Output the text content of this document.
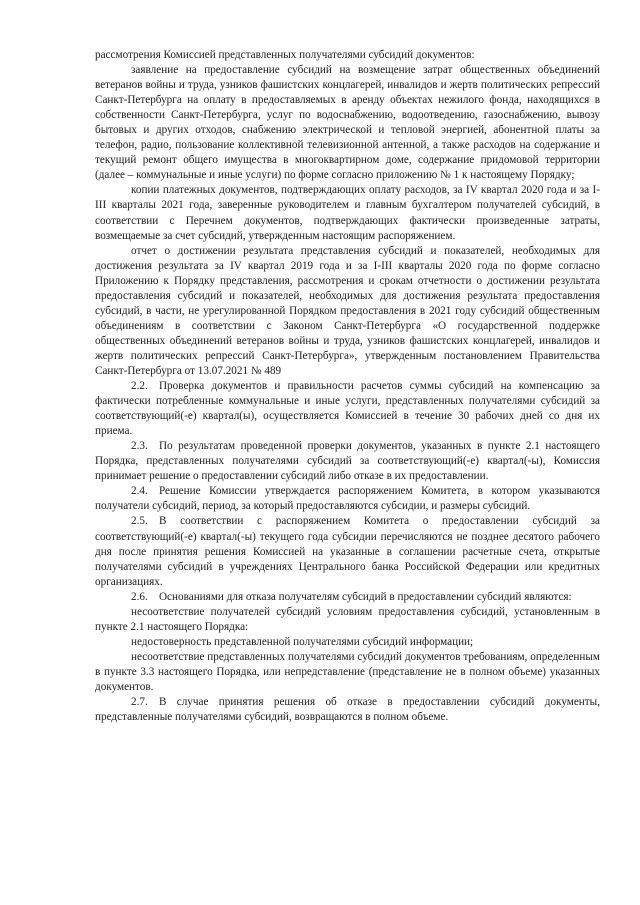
рассмотрения Комиссией представленных получателями субсидий документов:

заявление на предоставление субсидий на возмещение затрат общественных объединений ветеранов войны и труда, узников фашистских концлагерей, инвалидов и жертв политических репрессий Санкт-Петербурга на оплату в предоставляемых в аренду объектах нежилого фонда, находящихся в собственности Санкт-Петербурга, услуг по водоснабжению, водоотведению, газоснабжению, вывозу бытовых и других отходов, снабжению электрической и тепловой энергией, абонентной платы за телефон, радио, пользование коллективной телевизионной антенной, а также расходов на содержание и текущий ремонт общего имущества в многоквартирном доме, содержание придомовой территории (далее – коммунальные и иные услуги) по форме согласно приложению № 1 к настоящему Порядку;

копии платежных документов, подтверждающих оплату расходов, за IV квартал 2020 года и за I-III кварталы 2021 года, заверенные руководителем и главным бухгалтером получателей субсидий, в соответствии с Перечнем документов, подтверждающих фактически произведенные затраты, возмещаемые за счет субсидий, утвержденным настоящим распоряжением.

отчет о достижении результата представления субсидий и показателей, необходимых для достижения результата за IV квартал 2019 года и за I-III кварталы 2020 года по форме согласно Приложению к Порядку представления, рассмотрения и срокам отчетности о достижении результата предоставления субсидий и показателей, необходимых для достижения результата предоставления субсидий, в части, не урегулированной Порядком предоставления в 2021 году субсидий общественным объединениям в соответствии с Законом Санкт-Петербурга «О государственной поддержке общественных объединений ветеранов войны и труда, узников фашистских концлагерей, инвалидов и жертв политических репрессий Санкт-Петербурга», утвержденным постановлением Правительства Санкт-Петербурга от 13.07.2021 № 489

2.2. Проверка документов и правильности расчетов суммы субсидий на компенсацию за фактически потребленные коммунальные и иные услуги, представленных получателями субсидий за соответствующий(-е) квартал(ы), осуществляется Комиссией в течение 30 рабочих дней со дня их приема.

2.3. По результатам проведенной проверки документов, указанных в пункте 2.1 настоящего Порядка, представленных получателями субсидий за соответствующий(-е) квартал(-ы), Комиссия принимает решение о предоставлении субсидий либо отказе в их предоставлении.

2.4. Решение Комиссии утверждается распоряжением Комитета, в котором указываются получатели субсидий, период, за который предоставляются субсидии, и размеры субсидий.

2.5. В соответствии с распоряжением Комитета о предоставлении субсидий за соответствующий(-е) квартал(-ы) текущего года субсидии перечисляются не позднее десятого рабочего дня после принятия решения Комиссией на указанные в соглашении расчетные счета, открытые получателями субсидий в учреждениях Центрального банка Российской Федерации или кредитных организациях.

2.6. Основаниями для отказа получателям субсидий в предоставлении субсидий являются:

несоответствие получателей субсидий условиям предоставления субсидий, установленным в пункте 2.1 настоящего Порядка:

недостоверность представленной получателями субсидий информации;

несоответствие представленных получателями субсидий документов требованиям, определенным в пункте 3.3 настоящего Порядка, или непредставление (представление не в полном объеме) указанных документов.

2.7. В случае принятия решения об отказе в предоставлении субсидий документы, представленные получателями субсидий, возвращаются в полном объеме.
